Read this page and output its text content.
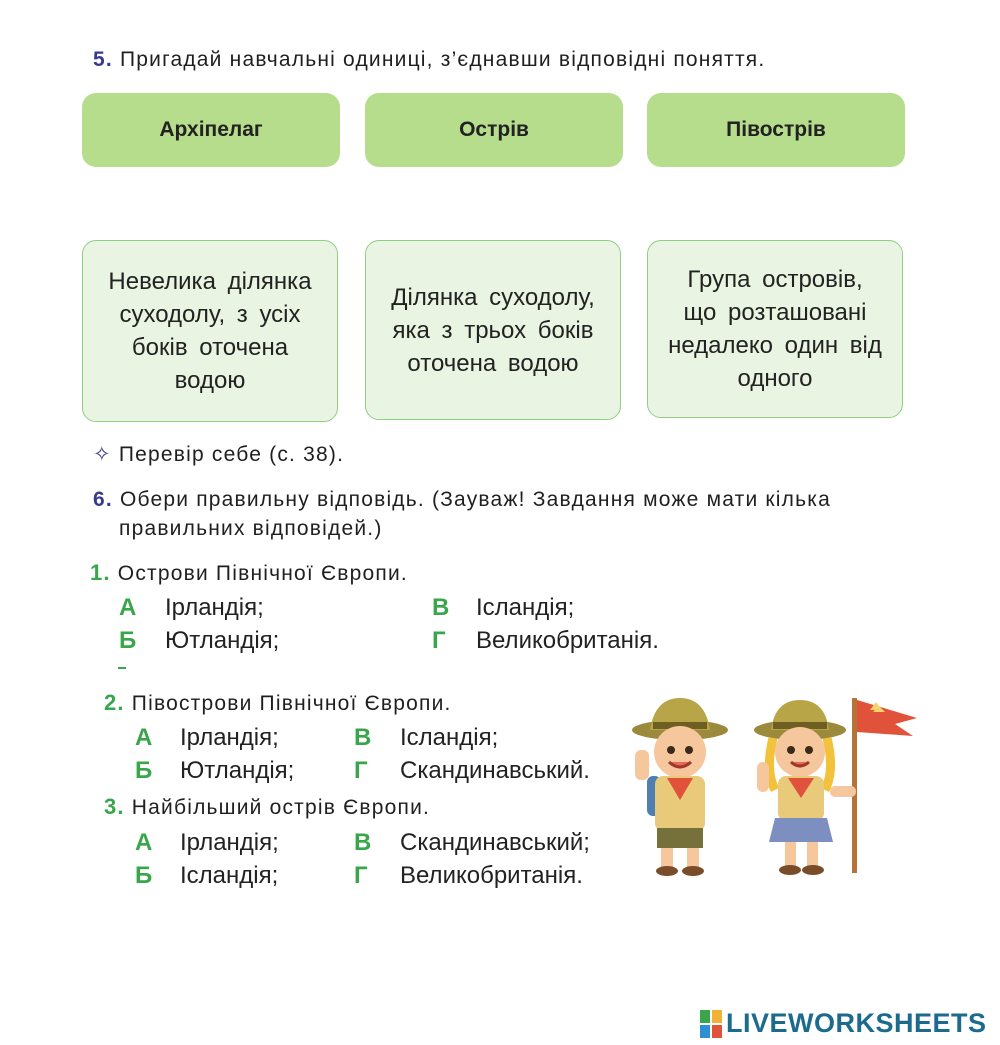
5. Пригадай навчальні одиниці, з’єднавши відповідні поняття.
Архіпелаг	Острів	Півострів
Невелика ділянка суходолу, з усіх боків оточена водою
Ділянка суходолу, яка з трьох боків оточена водою
Група островів, що розташовані недалеко один від одного
✧ Перевір себе (с. 38).
6. Обери правильну відповідь. (Зауваж! Завдання може мати кілька
правильних відповідей.)
1. Острови Північної Європи.
А Ірландія;
Б Ютландія;
В Ісландія;
Г Великобританія.
2. Півострови Північної Європи.
А Ірландія;
Б Ютландія;
В Ісландія;
Г Скандинавський.
3. Найбільший острів Європи.
А Ірландія;
Б Ісландія;
В Скандинавський;
Г Великобританія.
LIVEWORKSHEETS
